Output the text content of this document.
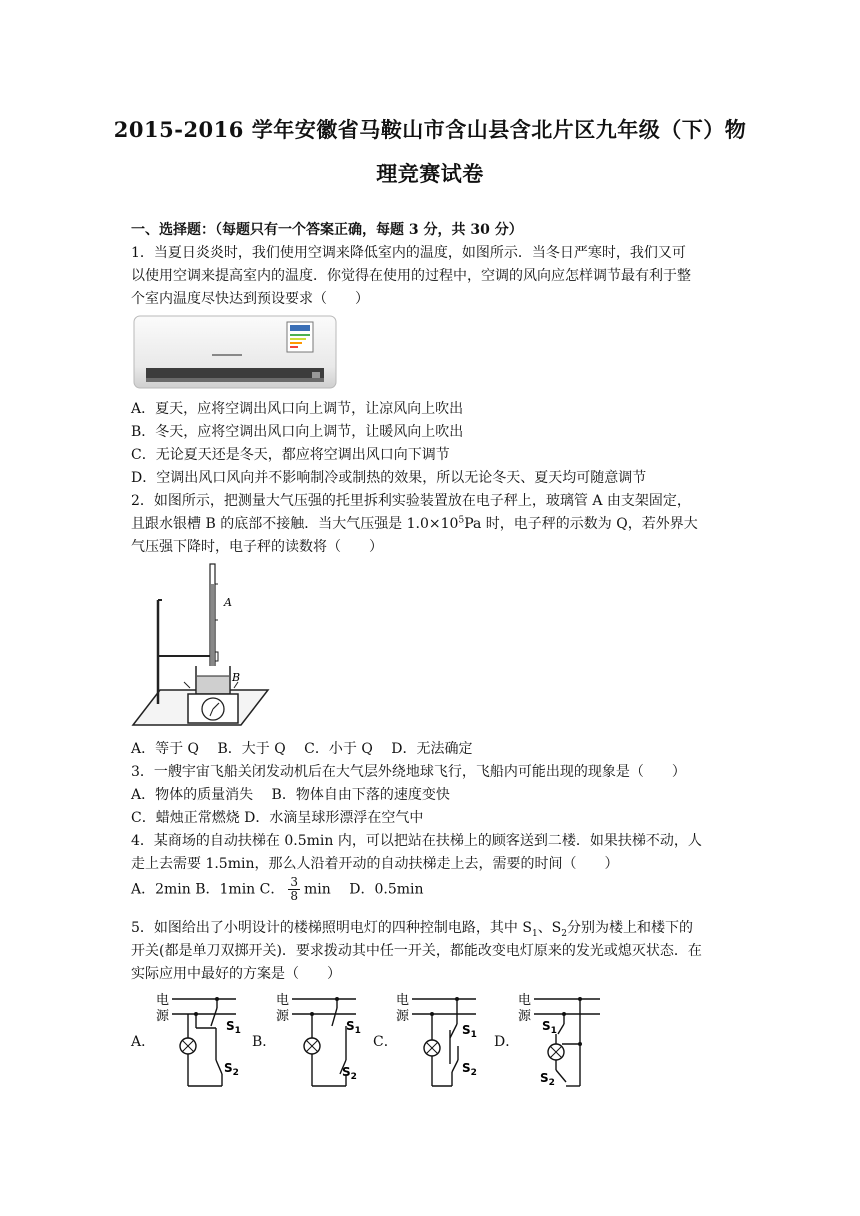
2015-2016 学年安徽省马鞍山市含山县含北片区九年级（下）物
理竞赛试卷
一、选择题：（每题只有一个答案正确，每题 3 分，共 30 分）
1．当夏日炎炎时，我们使用空调来降低室内的温度，如图所示．当冬日严寒时，我们又可
以使用空调来提高室内的温度．你觉得在使用的过程中，空调的风向应怎样调节最有利于整
个室内温度尽快达到预设要求（　　）
A．夏天，应将空调出风口向上调节，让凉风向上吹出
B．冬天，应将空调出风口向上调节，让暖风向上吹出
C．无论夏天还是冬天，都应将空调出风口向下调节
D．空调出风口风向并不影响制冷或制热的效果，所以无论冬天、夏天均可随意调节
2．如图所示，把测量大气压强的托里拆利实验装置放在电子秤上，玻璃管 A 由支架固定，
且跟水银槽 B 的底部不接触．当大气压强是 $1.0\times 10^5Pa$ 时，电子秤的示数为 Q，若外界大
气压强下降时，电子秤的读数将（　　）
A
B
A．等于 Q　 B．大于 Q　 C．小于 Q　 D．无法确定
3．一艘宇宙飞船关闭发动机后在大气层外绕地球飞行，飞船内可能出现的现象是（　　）
A．物体的质量消失　 B．物体自由下落的速度变快
C．蜡烛正常燃烧 D．水滴呈球形漂浮在空气中
4．某商场的自动扶梯在 0.5min 内，可以把站在扶梯上的顾客送到二楼．如果扶梯不动，人
走上去需要 1.5min，那么人沿着开动的自动扶梯走上去，需要的时间（　　）
A．2min B．1min C． $\frac{3}{8}$ min　 D．0.5min
5．如图给出了小明设计的楼梯照明电灯的四种控制电路，其中 $S_1$、$S_2$分别为楼上和楼下的
开关(都是单刀双掷开关)．要求拨动其中任一开关，都能改变电灯原来的发光或熄灭状态．在
实际应用中最好的方案是（　　）
A．	B．	C．	D．
电
源
$S_1$
$S_2$
电
源
$S_1$
$S_2$
电
源
$S_1$
$S_2$
电
源
$S_1$
$S_2$
